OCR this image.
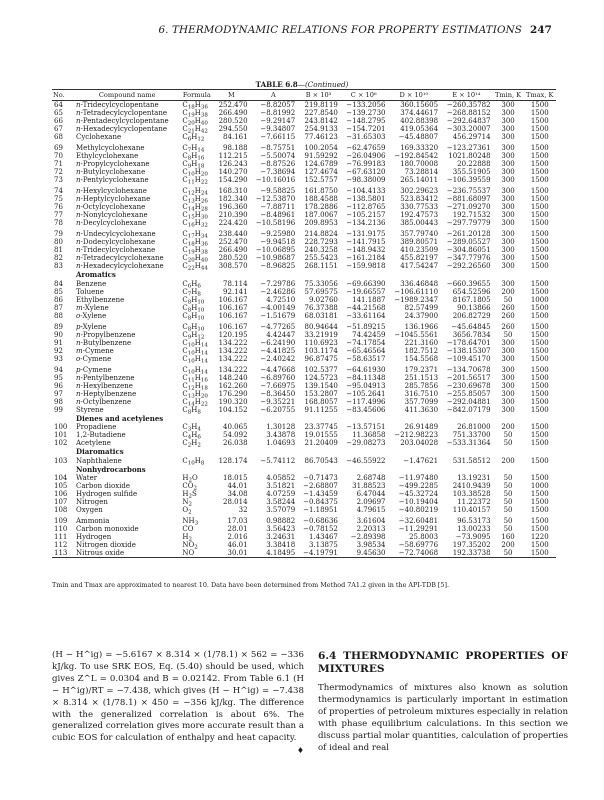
6. THERMODYNAMIC RELATIONS FOR PROPERTY ESTIMATIONS 247
TABLE 6.8—(Continued)
No.	Compound name	Formula	M	A	B × 10³	C × 10⁶	D × 10¹⁰	E × 10¹⁴	Tmin, K	Tmax, K
64	n-Tridecylcyclopentane	$C_{18}H_{36}$	252.470	−8.82057	219.8119	−133.2056	360.15605	−260.35782	300	1500
65	n-Tetradecylcyclopentane	$C_{19}H_{38}$	266.490	−8.81992	227.8540	−139.2730	374.44617	−268.88152	300	1500
66	n-Pentadecylcyclopentane	$C_{20}H_{40}$	280.520	−9.29147	243.8142	−148.2795	402.88398	−292.64837	300	1500
67	n-Hexadecylcyclopentane	$C_{21}H_{42}$	294.550	−9.34807	254.9133	−154.7201	419.05364	−303.20007	300	1500
68	Cyclohexane	$C_6H_{12}$	84.161	−7.66115	77.46123	−31.65303	−45.48807	456.29714	300	1500
69	Methylcyclohexane	$C_7H_{14}$	98.188	−8.75751	100.2054	−62.47659	169.33320	−123.27361	300	1500
70	Ethylcyclohexane	$C_8H_{16}$	112.215	−5.50074	91.59292	−26.04906	−192.84542	1021.80248	300	1500
71	n-Propylcyclohexane	$C_9H_{18}$	126.243	−8.87526	124.6789	−76.99183	180.70008	20.22888	300	1500
72	n-Butylcyclohexane	$C_{10}H_{20}$	140.270	−7.38694	127.4674	−67.63120	73.28814	355.51905	300	1500
73	n-Pentylcyclohexane	$C_{11}H_{22}$	154.290	−10.16016	152.5757	−98.38009	265.14011	−106.39559	300	1500
74	n-Hexylcyclohexane	$C_{12}H_{24}$	168.310	−9.58825	161.8750	−104.4133	302.29623	−236.75537	300	1500
75	n-Heptylcyclohexane	$C_{13}H_{26}$	182.340	−12.53870	188.4588	−138.5801	523.83412	−881.68097	300	1500
76	n-Octylcyclohexane	$C_{14}H_{28}$	196.360	−7.88711	178.2886	−112.8765	330.77533	−271.09270	300	1500
77	n-Nonylcyclohexane	$C_{15}H_{30}$	210.390	−8.48961	187.0067	−105.2157	192.47573	192.71532	300	1500
78	n-Decylcyclohexane	$C_{16}H_{32}$	224.420	−10.58196	209.8953	−134.2136	385.00443	−297.79779	300	1500
79	n-Undecylcyclohexane	$C_{17}H_{34}$	238.440	−9.25980	214.8824	−131.9175	357.79740	−261.20128	300	1500
80	n-Dodecylcyclohexane	$C_{18}H_{36}$	252.470	−9.94518	228.7293	−141.7915	389.80571	−289.05527	300	1500
81	n-Tridecylcyclohexane	$C_{19}H_{38}$	266.490	−10.06895	240.3258	−148.9432	410.23509	−304.86051	300	1500
82	n-Tetradecylcyclohexane	$C_{20}H_{40}$	280.520	−10.98687	255.5423	−161.2184	455.82197	−347.77976	300	1500
83	n-Hexadecylcyclohexane	$C_{22}H_{44}$	308.570	−8.96825	268.1151	−159.9818	417.54247	−292.26560	300	1500
	Aromatics									
84	Benzene	$C_6H_6$	78.114	−7.29786	75.33056	−69.66390	336.46848	−660.39655	300	1500
85	Toluene	$C_7H_8$	92.141	−2.46286	57.69575	−19.66557	−106.61110	654.52596	200	1500
86	Ethylbenzene	$C_8H_{10}$	106.167	4.72510	9.02760	141.1887	−1989.2347	8167.1805	50	1000
87	m-Xylene	$C_8H_{10}$	106.167	−4.00149	76.37388	−44.21568	82.57499	90.13866	260	1500
88	o-Xylene	$C_8H_{10}$	106.167	−1.51679	68.03181	−33.61164	24.37900	206.82729	260	1500
89	p-Xylene	$C_8H_{10}$	106.167	−4.77265	80.94644	−51.89215	136.1966	−45.64845	260	1500
90	n-Propylbenzene	$C_9H_{12}$	120.195	4.42447	33.21919	74.42459	−1045.5561	3656.7834	50	1500
91	n-Butylbenzene	$C_{10}H_{14}$	134.222	−6.24190	110.6923	−74.17854	221.3160	−178.64701	300	1500
92	m-Cymene	$C_{10}H_{14}$	134.222	−4.41825	103.1174	−65.46564	182.7512	−138.15307	300	1500
93	o-Cymene	$C_{10}H_{14}$	134.222	−2.40242	96.87475	−58.63517	154.5568	−109.45170	300	1500
94	p-Cymene	$C_{10}H_{14}$	134.222	−4.47668	102.5377	−64.61930	179.2371	−134.70678	300	1500
95	n-Pentylbenzene	$C_{11}H_{16}$	148.240	−6.89760	124.5723	−84.11348	251.1513	−201.56517	300	1500
96	n-Hexylbenzene	$C_{12}H_{18}$	162.260	−7.66975	139.1540	−95.04913	285.7856	−230.69678	300	1500
97	n-Heptylbenzene	$C_{13}H_{20}$	176.290	−8.36450	153.2807	−105.2641	316.7510	−255.85057	300	1500
98	n-Octylbenzene	$C_{14}H_{22}$	190.320	−9.35221	168.8057	−117.4996	357.7099	−292.04881	300	1500
99	Styrene	$C_8H_8$	104.152	−6.20755	91.11255	−83.45606	411.3630	−842.07179	300	1500
	Dienes and acetylenes									
100	Propadiene	$C_3H_4$	40.065	1.30128	23.37745	−13.57151	26.91489	26.81000	200	1500
101	1,2-Butadiene	$C_4H_6$	54.092	3.43878	19.01555	11.36858	−212.98223	751.33700	50	1500
102	Acetylene	$C_2H_2$	26.038	1.04693	21.20409	−29.08273	203.04028	−533.31364	50	1500
	Diaromatics									
103	Naphthalene	$C_{10}H_8$	128.174	−5.74112	86.70543	−46.55922	−1.47621	531.58512	200	1500
	Nonhydrocarbons									
104	Water	$H_2O$	18.015	4.05852	−0.71473	2.68748	−11.97480	13.19231	50	1500
105	Carbon dioxide	$CO_2$	44.01	3.51821	−2.68807	31.88523	−499.2285	2410.9439	50	1000
106	Hydrogen sulfide	$H_2S$	34.08	4.07259	−1.43459	6.47044	−45.32724	103.38528	50	1500
107	Nitrogen	$N_2$	28.014	3.58244	−0.84375	2.09697	−10.19404	11.22372	50	1500
108	Oxygen	$O_2$	32	3.57079	−1.18951	4.79615	−40.80219	110.40157	50	1500
109	Ammonia	$NH_3$	17.03	0.98882	−0.68636	3.61604	−32.60481	96.53173	50	1500
110	Carbon monoxide	CO	28.01	3.56423	−0.78152	2.20313	−11.29291	13.00233	50	1500
111	Hydrogen	$H_2$	2.016	3.24631	1.43467	−2.89398	25.8003	−73.9095	160	1220
112	Nitrogen dioxide	$NO_2$	46.01	3.38418	3.13875	3.98534	−58.69776	197.35202	200	1500
113	Nitrous oxide	NO	30.01	4.18495	−4.19791	9.45630	−72.74068	192.33738	50	1500
Tmin and Tmax are approximated to nearest 10. Data have been determined from Method 7A1.2 given in the API-TDB [5].

(H − H^ig) = −5.6167 × 8.314 × (1/78.1) × 562 = −336 kJ/kg. To use SRK EOS, Eq. (5.40) should be used, which gives Z^L = 0.0304 and B = 0.02142. From Table 6.1 (H − H^ig)/RT = −7.438, which gives (H − H^ig) = −7.438 × 8.314 × (1/78.1) × 450 = −356 kJ/kg. The difference with the generalized correlation is about 6%. The generalized correlation gives more accurate result than a cubic EOS for calculation of enthalpy and heat capacity.

♦
6.4 THERMODYNAMIC PROPERTIES OF MIXTURES

Thermodynamics of mixtures also known as solution thermodynamics is particularly important in estimation of properties of petroleum mixtures especially in relation with phase equilibrium calculations. In this section we discuss partial molar quantities, calculation of properties of ideal and real
